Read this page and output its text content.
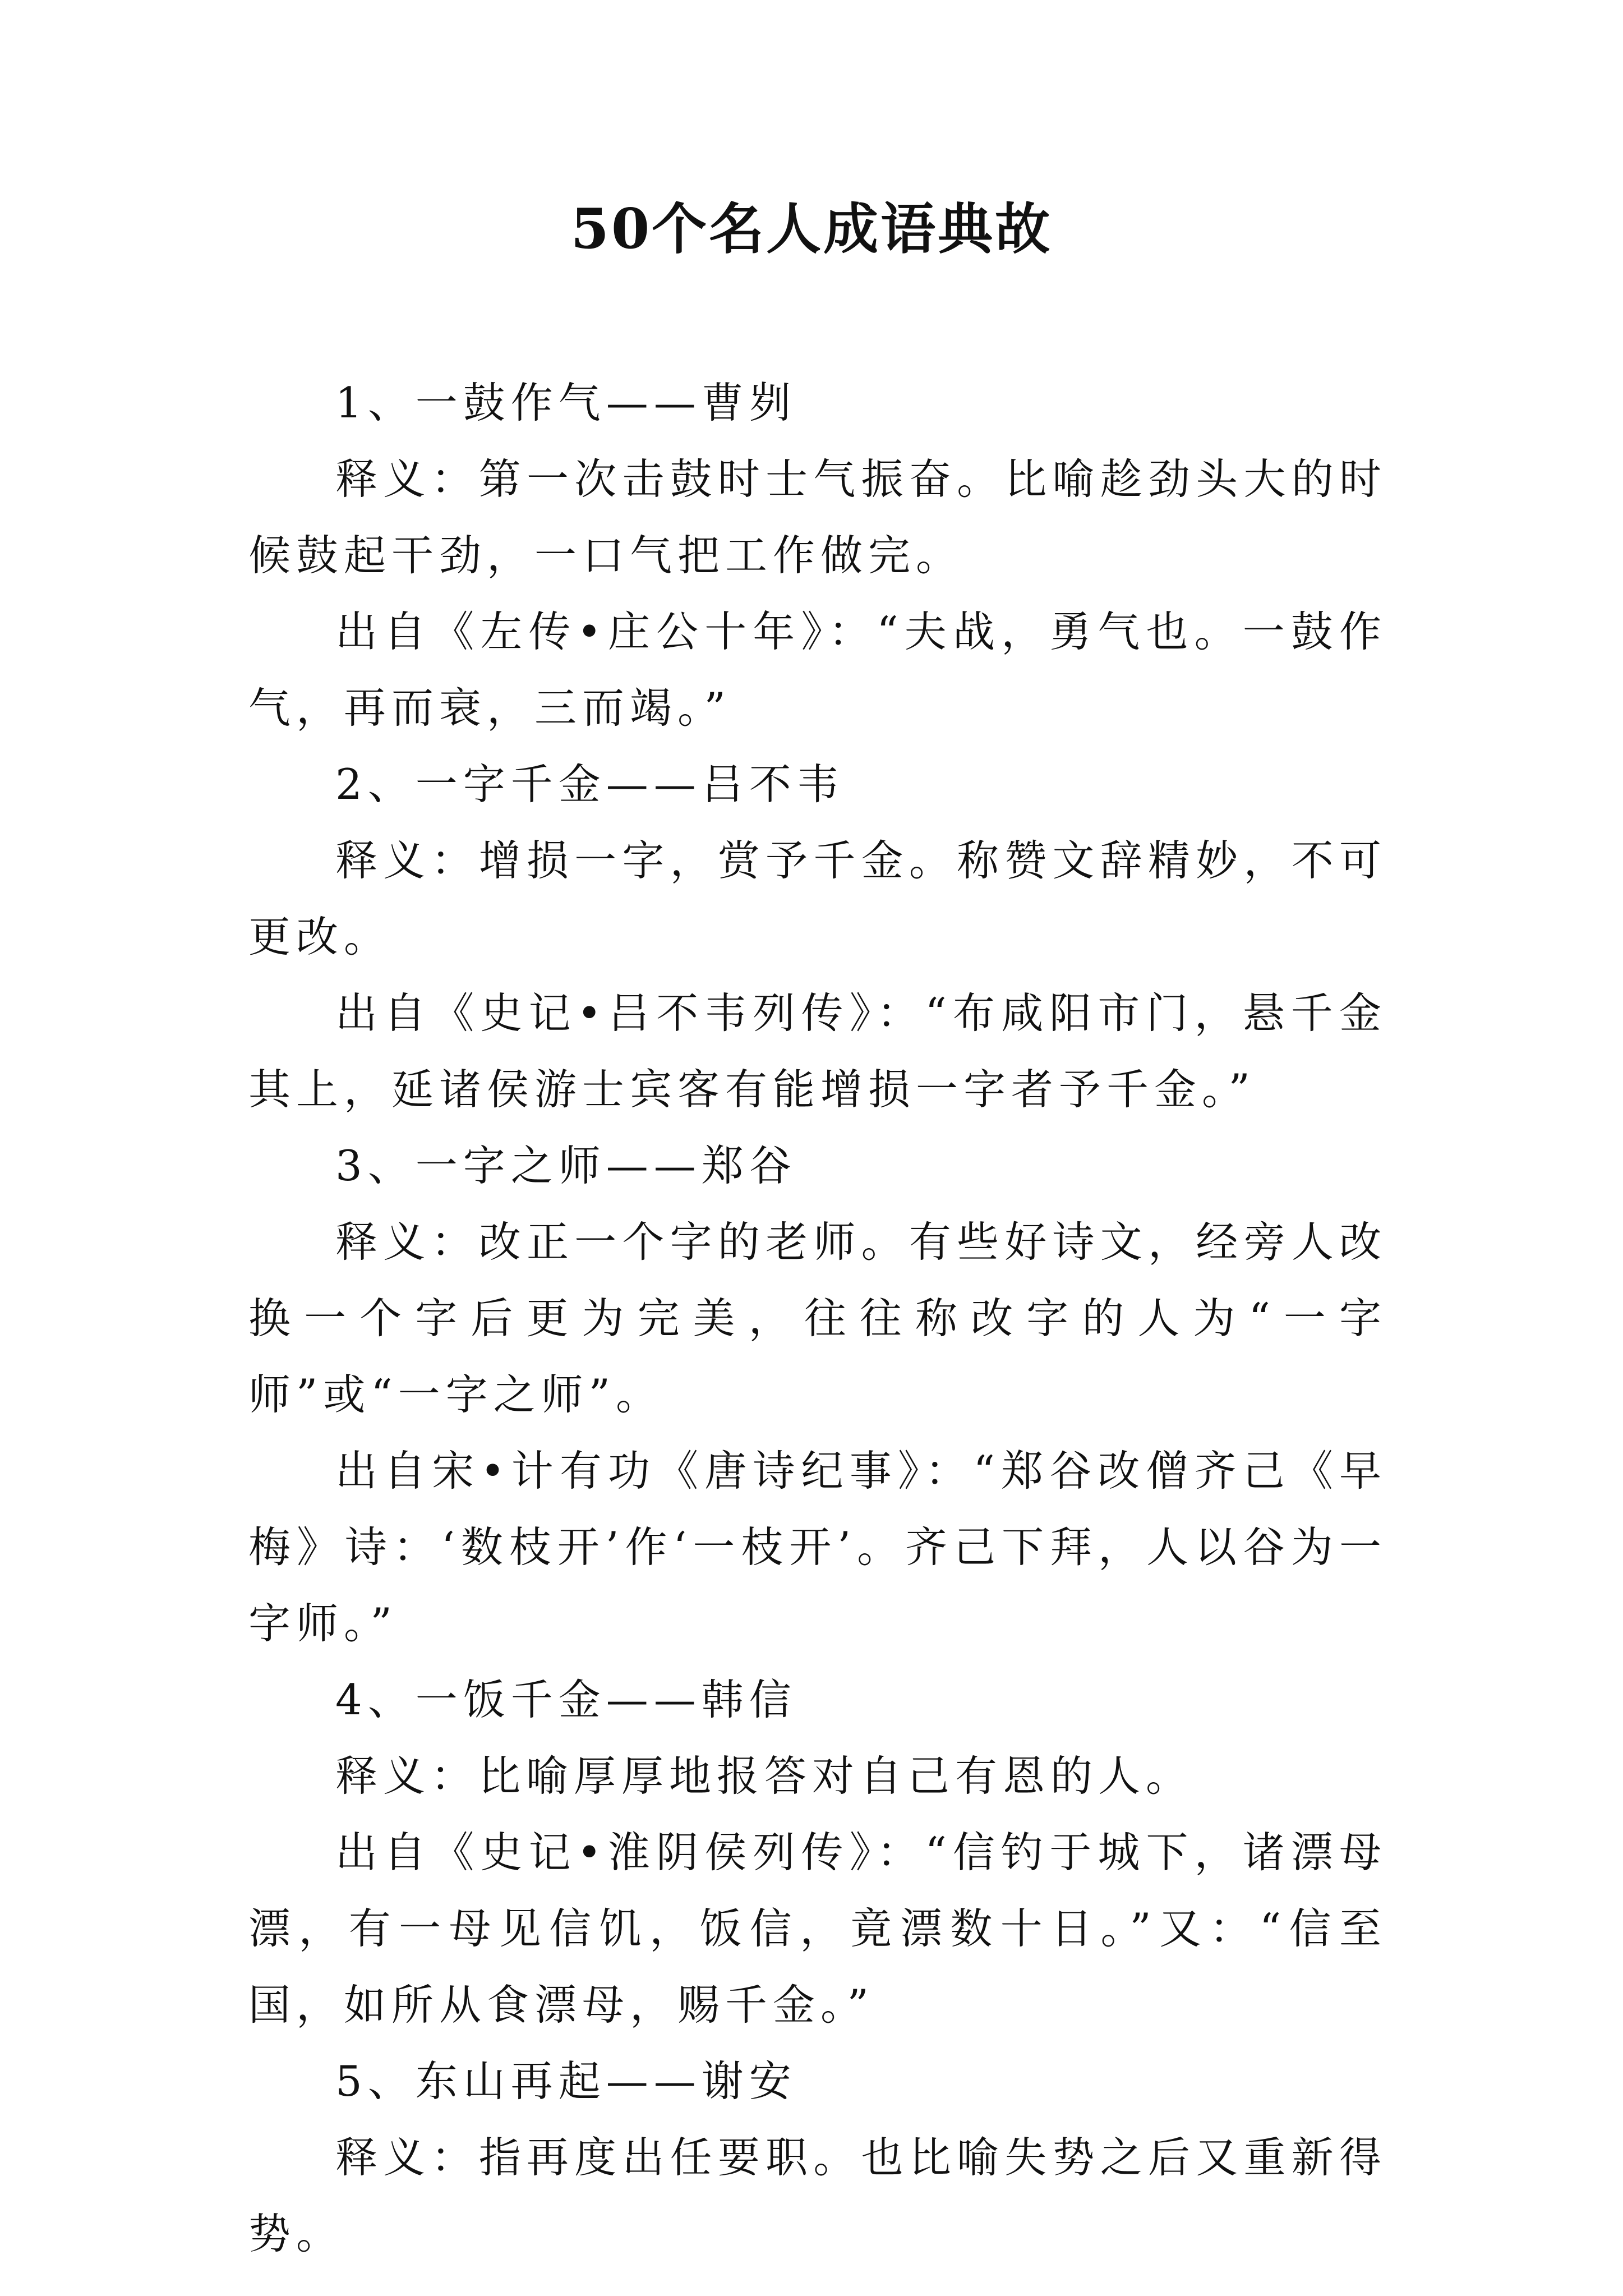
50个名人成语典故

1、一鼓作气——曹刿

释义：第一次击鼓时士气振奋。比喻趁劲头大的时候鼓起干劲，一口气把工作做完。

出自《左传•庄公十年》：“夫战，勇气也。一鼓作气，再而衰，三而竭。”

2、一字千金——吕不韦

释义：增损一字，赏予千金。称赞文辞精妙，不可更改。

出自《史记•吕不韦列传》：“布咸阳市门，悬千金其上，延诸侯游士宾客有能增损一字者予千金。”

3、一字之师——郑谷

释义：改正一个字的老师。有些好诗文，经旁人改换一个字后更为完美，往往称改字的人为“一字师”或“一字之师”。

出自宋•计有功《唐诗纪事》：“郑谷改僧齐己《早梅》诗：‘数枝开’作‘一枝开’。齐己下拜，人以谷为一字师。”

4、一饭千金——韩信

释义：比喻厚厚地报答对自己有恩的人。

出自《史记•淮阴侯列传》：“信钓于城下，诸漂母漂，有一母见信饥，饭信，竟漂数十日。”又：“信至国，如所从食漂母，赐千金。”

5、东山再起——谢安

释义：指再度出任要职。也比喻失势之后又重新得势。
